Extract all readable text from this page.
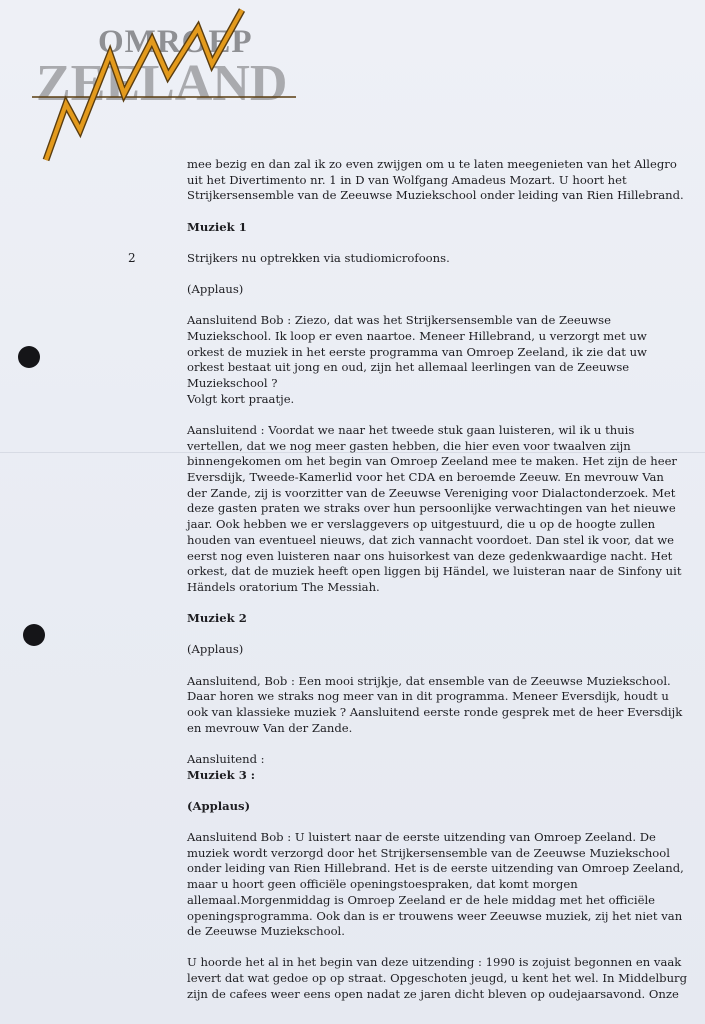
OMROEP
ZEELAND
2

mee bezig en dan zal ik zo even zwijgen om u te laten meegenieten van het Allegro uit het Divertimento nr. 1 in D van Wolfgang Amadeus Mozart. U hoort het Strijkersensemble van de Zeeuwse Muziekschool onder leiding van Rien Hillebrand.

Muziek 1

Strijkers nu optrekken via studiomicrofoons.

(Applaus)

Aansluitend Bob : Ziezo, dat was het Strijkersensemble van de Zeeuwse Muziekschool. Ik loop er even naartoe. Meneer Hillebrand, u verzorgt met uw orkest de muziek in het eerste programma van Omroep Zeeland, ik zie dat uw orkest bestaat uit jong en oud, zijn het allemaal leerlingen van de Zeeuwse Muziekschool ?

Volgt kort praatje.

Aansluitend : Voordat we naar het tweede stuk gaan luisteren, wil ik u thuis vertellen, dat we nog meer gasten hebben, die hier even voor twaalven zijn binnengekomen om het begin van Omroep Zeeland mee te maken. Het zijn de heer Eversdijk, Tweede-Kamerlid voor het CDA en beroemde Zeeuw. En mevrouw Van der Zande, zij is voorzitter van de Zeeuwse Vereniging voor Dialactonderzoek. Met deze gasten praten we straks over hun persoonlijke verwachtingen van het nieuwe jaar. Ook hebben we er verslaggevers op uitgestuurd, die u op de hoogte zullen houden van eventueel nieuws, dat zich vannacht voordoet. Dan stel ik voor, dat we eerst nog even luisteren naar ons huisorkest van deze gedenkwaardige nacht. Het orkest, dat de muziek heeft open liggen bij Händel, we luisteran naar de Sinfony uit Händels oratorium The Messiah.

Muziek 2

(Applaus)

Aansluitend, Bob : Een mooi strijkje, dat ensemble van de Zeeuwse Muziekschool. Daar horen we straks nog meer van in dit programma. Meneer Eversdijk, houdt u ook van klassieke muziek ? Aansluitend eerste ronde gesprek met de heer Eversdijk en mevrouw Van der Zande.

Aansluitend :

Muziek 3 :

(Applaus)

Aansluitend Bob : U luistert naar de eerste uitzending van Omroep Zeeland. De muziek wordt verzorgd door het Strijkersensemble van de Zeeuwse Muziekschool onder leiding van Rien Hillebrand. Het is de eerste uitzending van Omroep Zeeland, maar u hoort geen officiële openingstoespraken, dat komt morgen allemaal.Morgenmiddag is Omroep Zeeland er de hele middag met het officiële openingsprogramma. Ook dan is er trouwens weer Zeeuwse muziek, zij het niet van de Zeeuwse Muziekschool.

U hoorde het al in het begin van deze uitzending : 1990 is zojuist begonnen en vaak levert dat wat gedoe op op straat. Opgeschoten jeugd, u kent het wel. In Middelburg zijn de cafees weer eens open nadat ze jaren dicht bleven op oudejaarsavond. Onze
